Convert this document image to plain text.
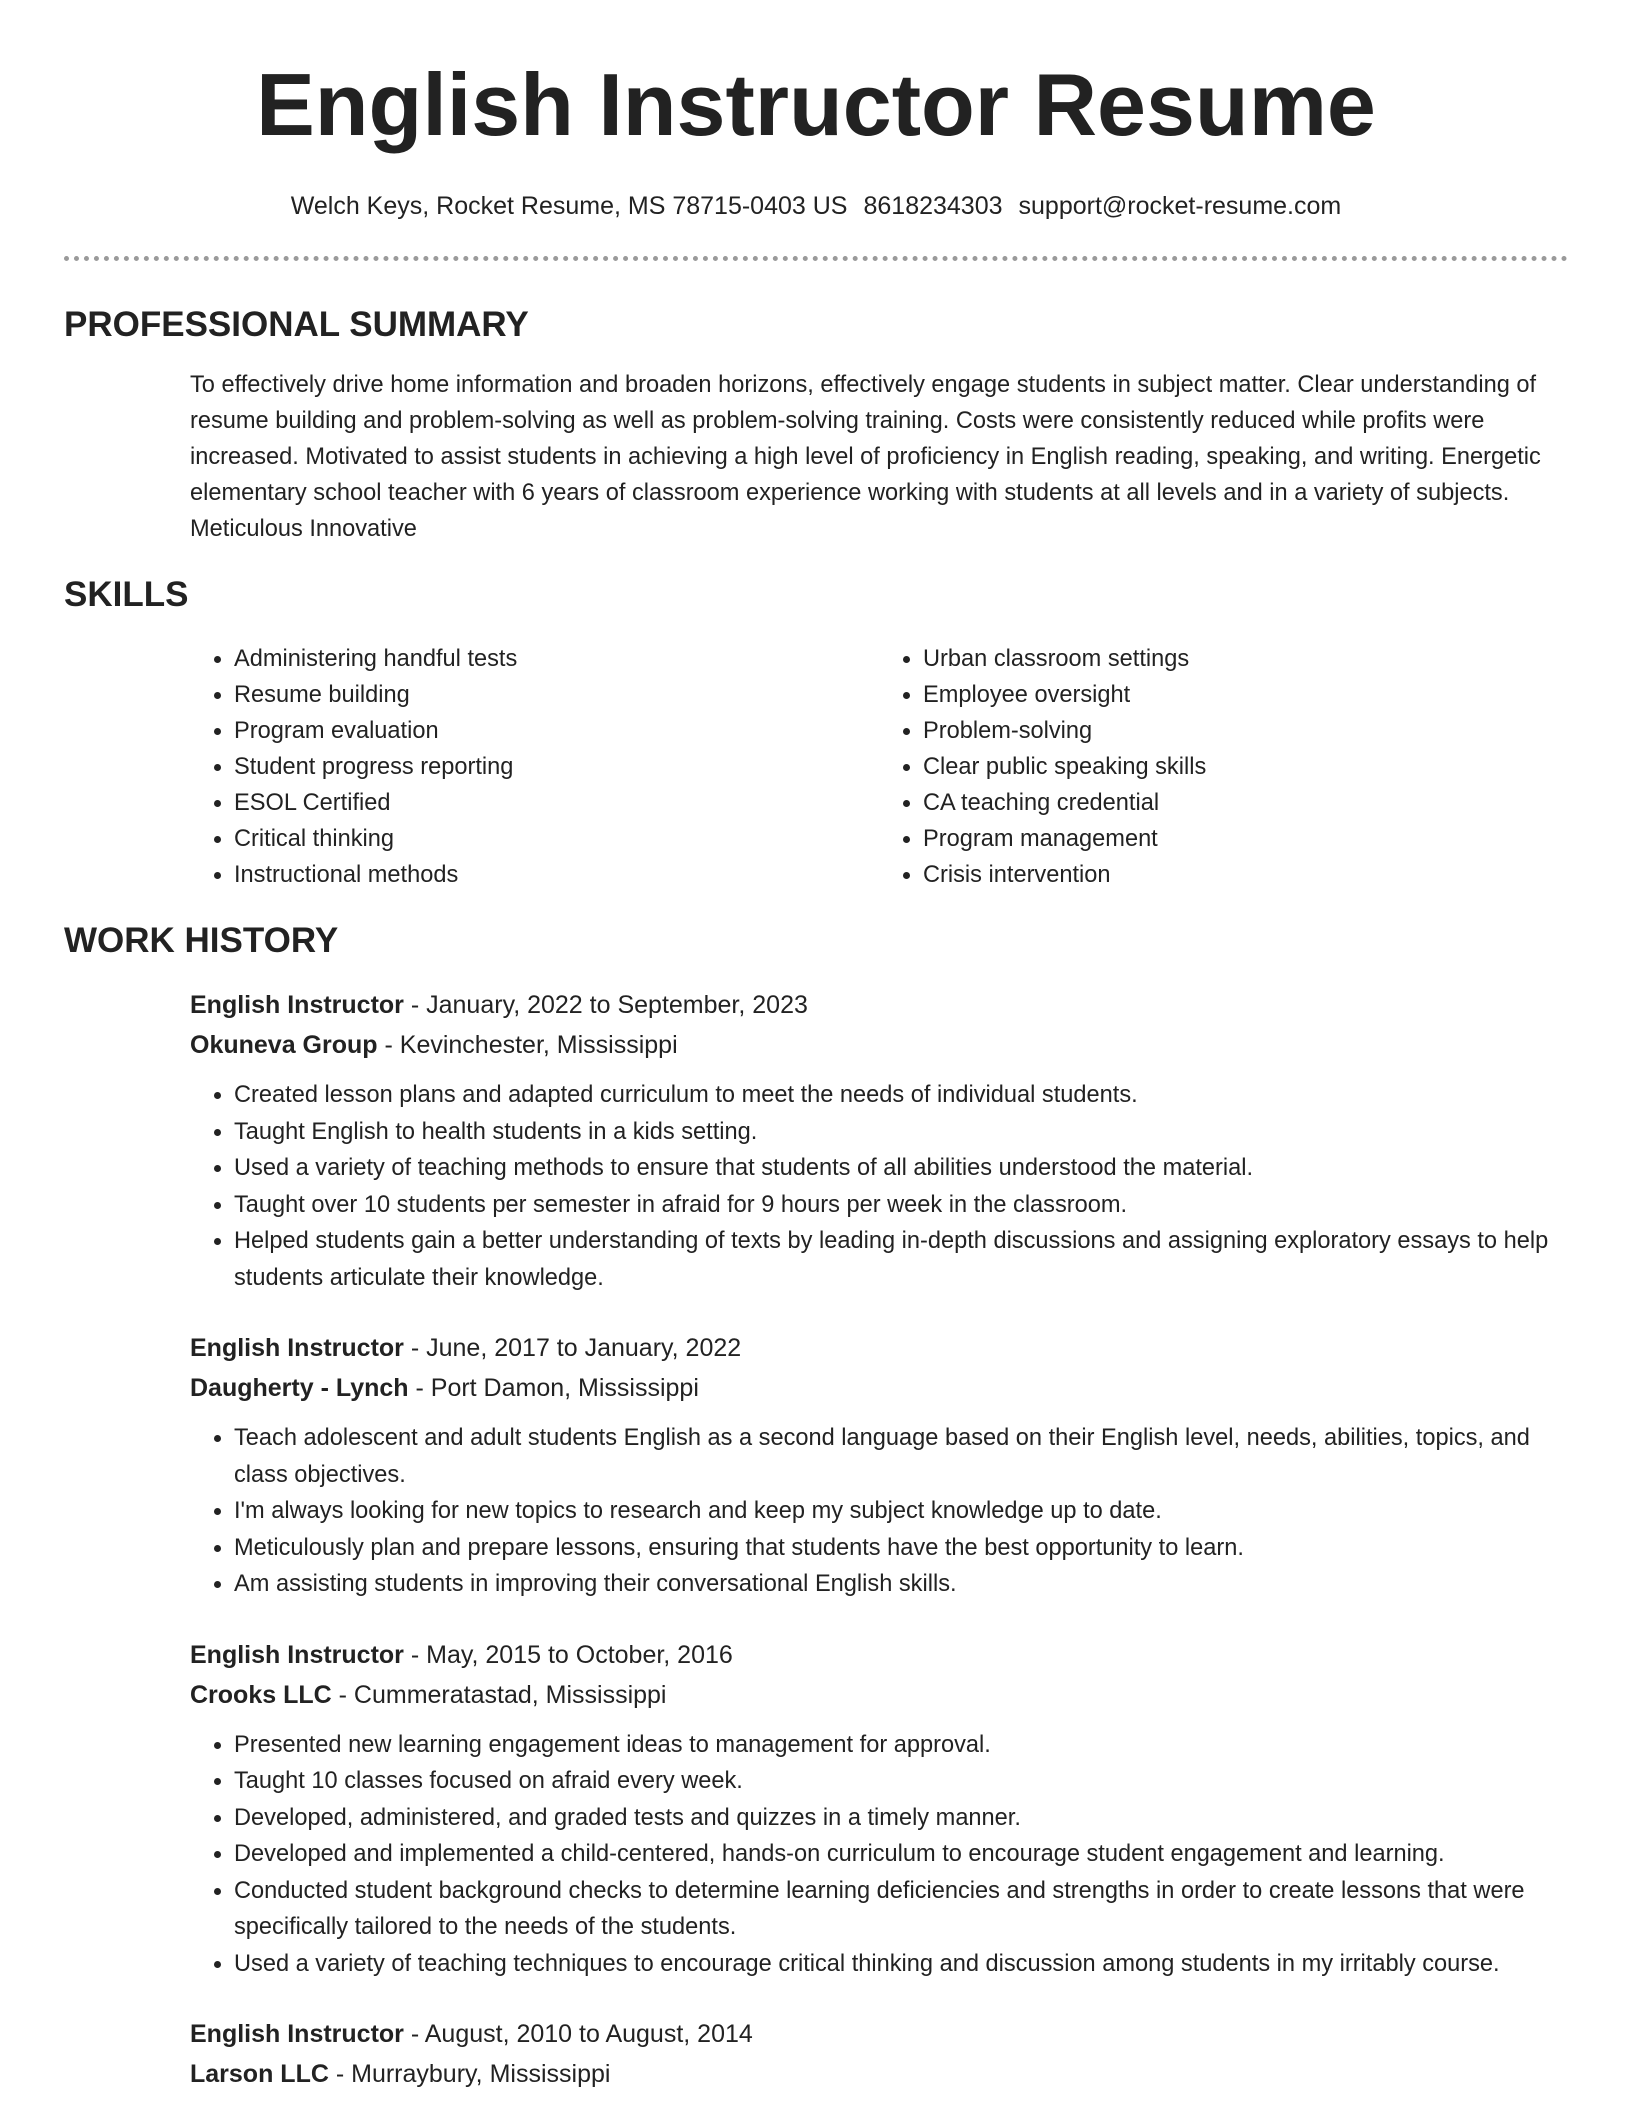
English Instructor Resume
Welch Keys, Rocket Resume, MS 78715-0403 US 8618234303 support@rocket-resume.com
PROFESSIONAL SUMMARY
To effectively drive home information and broaden horizons, effectively engage students in subject matter. Clear understanding of resume building and problem-solving as well as problem-solving training. Costs were consistently reduced while profits were increased. Motivated to assist students in achieving a high level of proficiency in English reading, speaking, and writing. Energetic elementary school teacher with 6 years of classroom experience working with students at all levels and in a variety of subjects. Meticulous Innovative
SKILLS
• Administering handful tests
• Resume building
• Program evaluation
• Student progress reporting
• ESOL Certified
• Critical thinking
• Instructional methods
• Urban classroom settings
• Employee oversight
• Problem-solving
• Clear public speaking skills
• CA teaching credential
• Program management
• Crisis intervention
WORK HISTORY
English Instructor - January, 2022 to September, 2023
Okuneva Group - Kevinchester, Mississippi
• Created lesson plans and adapted curriculum to meet the needs of individual students.
• Taught English to health students in a kids setting.
• Used a variety of teaching methods to ensure that students of all abilities understood the material.
• Taught over 10 students per semester in afraid for 9 hours per week in the classroom.
• Helped students gain a better understanding of texts by leading in-depth discussions and assigning exploratory essays to help students articulate their knowledge.
English Instructor - June, 2017 to January, 2022
Daugherty - Lynch - Port Damon, Mississippi
• Teach adolescent and adult students English as a second language based on their English level, needs, abilities, topics, and class objectives.
• I'm always looking for new topics to research and keep my subject knowledge up to date.
• Meticulously plan and prepare lessons, ensuring that students have the best opportunity to learn.
• Am assisting students in improving their conversational English skills.
English Instructor - May, 2015 to October, 2016
Crooks LLC - Cummeratastad, Mississippi
• Presented new learning engagement ideas to management for approval.
• Taught 10 classes focused on afraid every week.
• Developed, administered, and graded tests and quizzes in a timely manner.
• Developed and implemented a child-centered, hands-on curriculum to encourage student engagement and learning.
• Conducted student background checks to determine learning deficiencies and strengths in order to create lessons that were specifically tailored to the needs of the students.
• Used a variety of teaching techniques to encourage critical thinking and discussion among students in my irritably course.
English Instructor - August, 2010 to August, 2014
Larson LLC - Murraybury, Mississippi
